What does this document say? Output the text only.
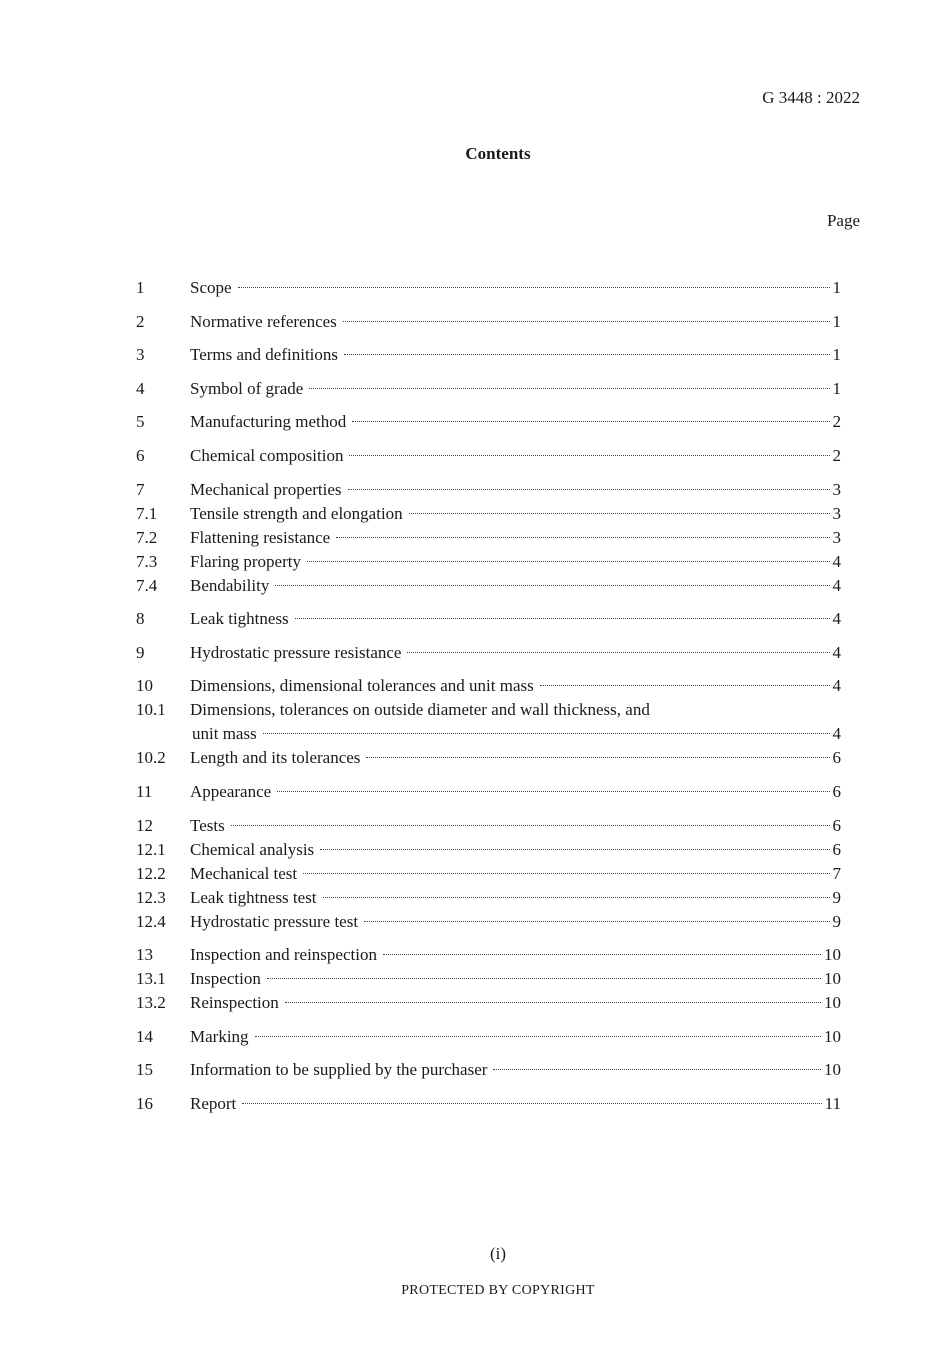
G 3448 : 2022
Contents
Page
1	Scope	1
2	Normative references	1
3	Terms and definitions	1
4	Symbol of grade	1
5	Manufacturing method	2
6	Chemical composition	2
7	Mechanical properties	3
7.1	Tensile strength and elongation	3
7.2	Flattening resistance	3
7.3	Flaring property	4
7.4	Bendability	4
8	Leak tightness	4
9	Hydrostatic pressure resistance	4
10	Dimensions, dimensional tolerances and unit mass	4
10.1	Dimensions, tolerances on outside diameter and wall thickness, and
unit mass	4
10.2	Length and its tolerances	6
11	Appearance	6
12	Tests	6
12.1	Chemical analysis	6
12.2	Mechanical test	7
12.3	Leak tightness test	9
12.4	Hydrostatic pressure test	9
13	Inspection and reinspection	10
13.1	Inspection	10
13.2	Reinspection	10
14	Marking	10
15	Information to be supplied by the purchaser	10
16	Report	11
(i)
PROTECTED BY COPYRIGHT
